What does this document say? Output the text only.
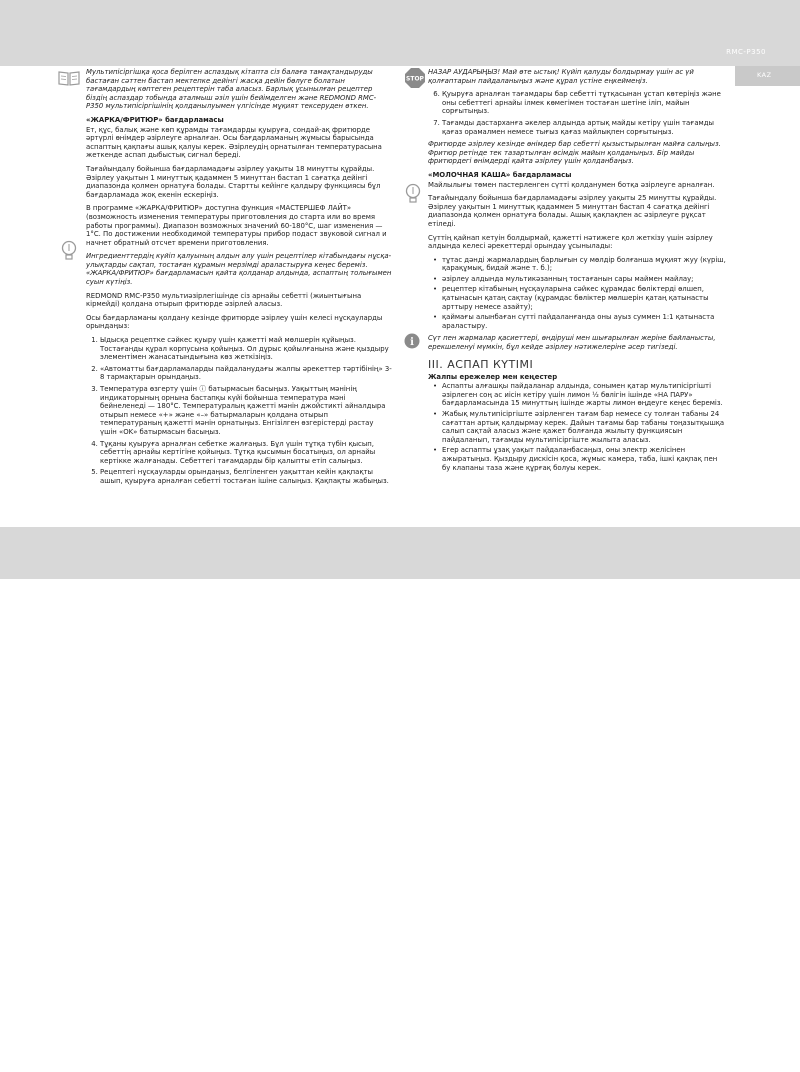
RMC-P350
KAZ
37
STOP
i

Мультипісіргішқа қоса берілген аспаздық кітапта сіз балаға тамақтандыруды бастаған сәттен бастап мектепке дейінгі жасқа дейін бөлуге болатын тағамдардың көптеген рецептерін таба аласыз. Барлық ұсынылған рецептер біздің аспаздар тобында аталмыш әзіл үшін бейімделген және REDMOND RMC-P350 мультипісіргішінің қолданылуымен үлгісінде мұқият тексеруден өткен.

«ЖАРКА/ФРИТЮР» бағдарламасы

Ет, құс, балық және көп құрамды тағамдарды қуыруға, сондай-ақ фритюрде әртүрлі өнімдер әзірлеуге арналған. Осы бағдарламаның жұмысы барысында аспаптың қақпағы ашық қалуы керек. Әзірлеудің орнатылған температурасына жеткенде аспап дыбыстық сигнал береді.

Тағайындалу бойынша бағдарламадағы әзірлеу уақыты 18 минутты құрайды. Әзірлеу уақытын 1 минуттық қадаммен 5 минуттан бастап 1 сағатқа дейінгі диапазонда қолмен орнатуға болады. Стартты кейінге қалдыру функциясы бұл бағдарламада жоқ екенін ескеріңіз.

В программе «ЖАРКА/ФРИТЮР» доступна функция «МАСТЕРШЕФ ЛАЙТ» (возможность изменения температуры приготовления до старта или во время работы программы). Диапазон возможных значений 60-180°С, шаг изменения — 1°С. По достижении необходимой температуры прибор подаст звуковой сигнал и начнет обратный отсчет времени приготовления.

Ингредиенттердің күйіп қалуының алдын алу үшін рецептілер кітабындағы нұсқаулықтарды сақтап, тостаған құрамын мерзімді араластыруға кеңес береміз. «ЖАРКА/ФРИТЮР» бағдарламасын қайта қолданар алдында, аспаптың толығымен суын күтіңіз.

REDMOND RMC-P350 мультиәзірлегішінде сіз арнайы себетті (жиынтығына кірмейді) қолдана отырып фритюрде әзірлей аласыз.

Осы бағдарламаны қолдану кезінде фритюрде әзірлеу үшін келесі нұсқауларды орындаңыз:

1. Ыдысқа рецептке сәйкес қуыру үшін қажетті май мөлшерін құйыңыз. Тостағанды құрал корпусына қойыңыз. Ол дұрыс қойылғанына және қыздыру элементімен жанасатындығына көз жеткізіңіз.
2. «Автоматты бағдарламаларды пайдаланудағы жалпы әрекеттер тәртібінің» 3-8 тармақтарын орындаңыз.
3. Температура өзгерту үшін ⓘ батырмасын басыңыз. Уақыттың мәнінің индикаторының орнына бастапқы күйі бойынша температура мәні бейнеленеді — 180°С. Температуралың қажетті мәнін джойстикті айналдыра отырып немесе «+» және «–» батырмаларын қолдана отырып температураның қажетті мәнін орнатыңыз. Енгізілген өзгерістерді растау үшін «OK» батырмасын басыңыз.
4. Тұқаны қуыруға арналған себетке жалғаңыз. Бұл үшін тұтқа түбін қысып, себеттің арнайы кертігіне қойыңыз. Тұтқа қысымын босатыңыз, ол арнайы кертікке жалғанады. Себеттегі тағамдарды бір қалыпты етіп салыңыз.
5. Рецептегі нұсқауларды орындаңыз, белгіленген уақыттан кейін қақпақты ашып, қуыруға арналған себетті тостаған ішіне салыңыз. Қақпақты жабыңыз.

НАЗАР АУДАРЫҢЫЗ! Май өте ыстық! Күйіп қалуды болдырмау үшін ас үй қолғаптарын пайдаланыңыз және құрал үстіне еңкеймеңіз.

6. Қуыруға арналған тағамдары бар себетті тұтқасынан ұстап көтеріңіз және оны себеттегі арнайы ілмек көмегімен тостаған шетіне іліп, майын сорғытыңыз.
7. Тағамды дастарханға әкелер алдында артық майды кетіру үшін тағамды қағаз орамалмен немесе тығыз қағаз майлықпен сорғытыңыз.

Фритюрде әзірлеу кезінде өнімдер бар себетті қызыстырылған майға салыңыз. Фритюр ретінде тек тазартылған өсімдік майын қолданыңыз. Бір майды фритюрдегі өнімдерді қайта әзірлеу үшін қолданбаңыз.

«МОЛОЧНАЯ КАША» бағдарламасы

Майлылығы төмен пастерленген сүтті қолданумен ботқа әзірлеуге арналған.

Тағайындалу бойынша бағдарламадағы әзірлеу уақыты 25 минутты құрайды. Әзірлеу уақытын 1 минуттық қадаммен 5 минуттан бастап 4 сағатқа дейінгі диапазонда қолмен орнатуға болады. Ашық қақпақпен ас әзірлеуге рұқсат етіледі.

Сүттің қайнап кетуін болдырмай, қажетті нәтижеге қол жеткізу үшін әзірлеу алдында келесі әрекеттерді орындау ұсынылады:

• тұтас дәнді жармалардың барлығын су мөлдір болғанша мұқият жуу (күріш, қарақұмық, бидай және т. б.);
• әзірлеу алдында мультикәзанның тостағанын сары маймен майлау;
• рецептер кітабының нұсқауларына сәйкес құрамдас бөліктерді өлшеп, қатынасын қатаң сақтау (құрамдас бөліктер мөлшерін қатаң қатынасты арттыру немесе азайту);
• қаймағы алынбаған сүтті пайдаланғанда оны ауыз суммен 1:1 қатынаста араластыру.

Сүт пен жармалар қасиеттері, өндіруші мен шығарылған жеріне байланысты, ерекшеленуі мүмкін, бұл кейде әзірлеу нәтижелеріне әсер тигізеді.

III. АСПАП КҮТІМІ

Жалпы ережелер мен кеңестер

• Аспапты алғашқы пайдаланар алдында, сонымен қатар мультипісіргішті әзірлеген соң ас иісін кетіру үшін лимон ½ бөлігін ішінде «НА ПАРУ» бағдарламасында 15 минуттың ішінде жарты лимон өңдеуге кеңес береміз.
• Жабық мультипісіргіште әзірленген тағам бар немесе су толған табаны 24 сағаттан артық қалдырмау керек. Дайын тағамы бар табаны тоңазытқышқа салып сақтай аласыз және қажет болғанда жылыту функциясын пайдаланып, тағамды мультипісіргіште жылыта аласыз.
• Егер аспапты ұзақ уақыт пайдаланбасаңыз, оны электр желісінен ажыратыңыз. Қыздыру дискісін қоса, жұмыс камера, таба, ішкі қақпақ пен бу клапаны таза және құрғақ болуы керек.
